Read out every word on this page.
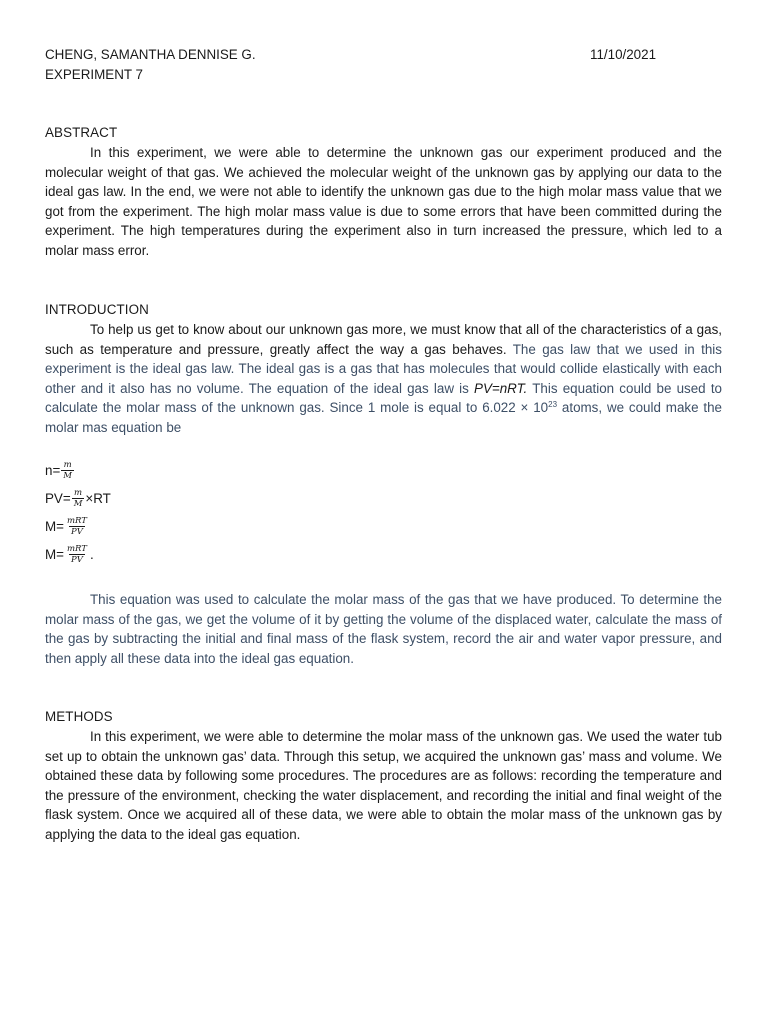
CHENG, SAMANTHA DENNISE G.	11/10/2021
EXPERIMENT 7
ABSTRACT

In this experiment, we were able to determine the unknown gas our experiment produced and the molecular weight of that gas. We achieved the molecular weight of the unknown gas by applying our data to the ideal gas law. In the end, we were not able to identify the unknown gas due to the high molar mass value that we got from the experiment. The high molar mass value is due to some errors that have been committed during the experiment. The high temperatures during the experiment also in turn increased the pressure, which led to a molar mass error.

INTRODUCTION

To help us get to know about our unknown gas more, we must know that all of the characteristics of a gas, such as temperature and pressure, greatly affect the way a gas behaves. The gas law that we used in this experiment is the ideal gas law. The ideal gas is a gas that has molecules that would collide elastically with each other and it also has no volume. The equation of the ideal gas law is PV=nRT. This equation could be used to calculate the molar mass of the unknown gas. Since 1 mole is equal to $6.022 \times 10^{23}$ atoms, we could make the molar mas equation be

$n= \frac{m}{M}$
$PV= \frac{m}{M} \times RT$
$M= \frac{\text{mRT}}{PV}$
$M= \frac{\text{mRT}}{PV}$ .

This equation was used to calculate the molar mass of the gas that we have produced. To determine the molar mass of the gas, we get the volume of it by getting the volume of the displaced water, calculate the mass of the gas by subtracting the initial and final mass of the flask system, record the air and water vapor pressure, and then apply all these data into the ideal gas equation.

METHODS

In this experiment, we were able to determine the molar mass of the unknown gas. We used the water tub set up to obtain the unknown gas’ data. Through this setup, we acquired the unknown gas’ mass and volume. We obtained these data by following some procedures. The procedures are as follows: recording the temperature and the pressure of the environment, checking the water displacement, and recording the initial and final weight of the flask system. Once we acquired all of these data, we were able to obtain the molar mass of the unknown gas by applying the data to the ideal gas equation.
